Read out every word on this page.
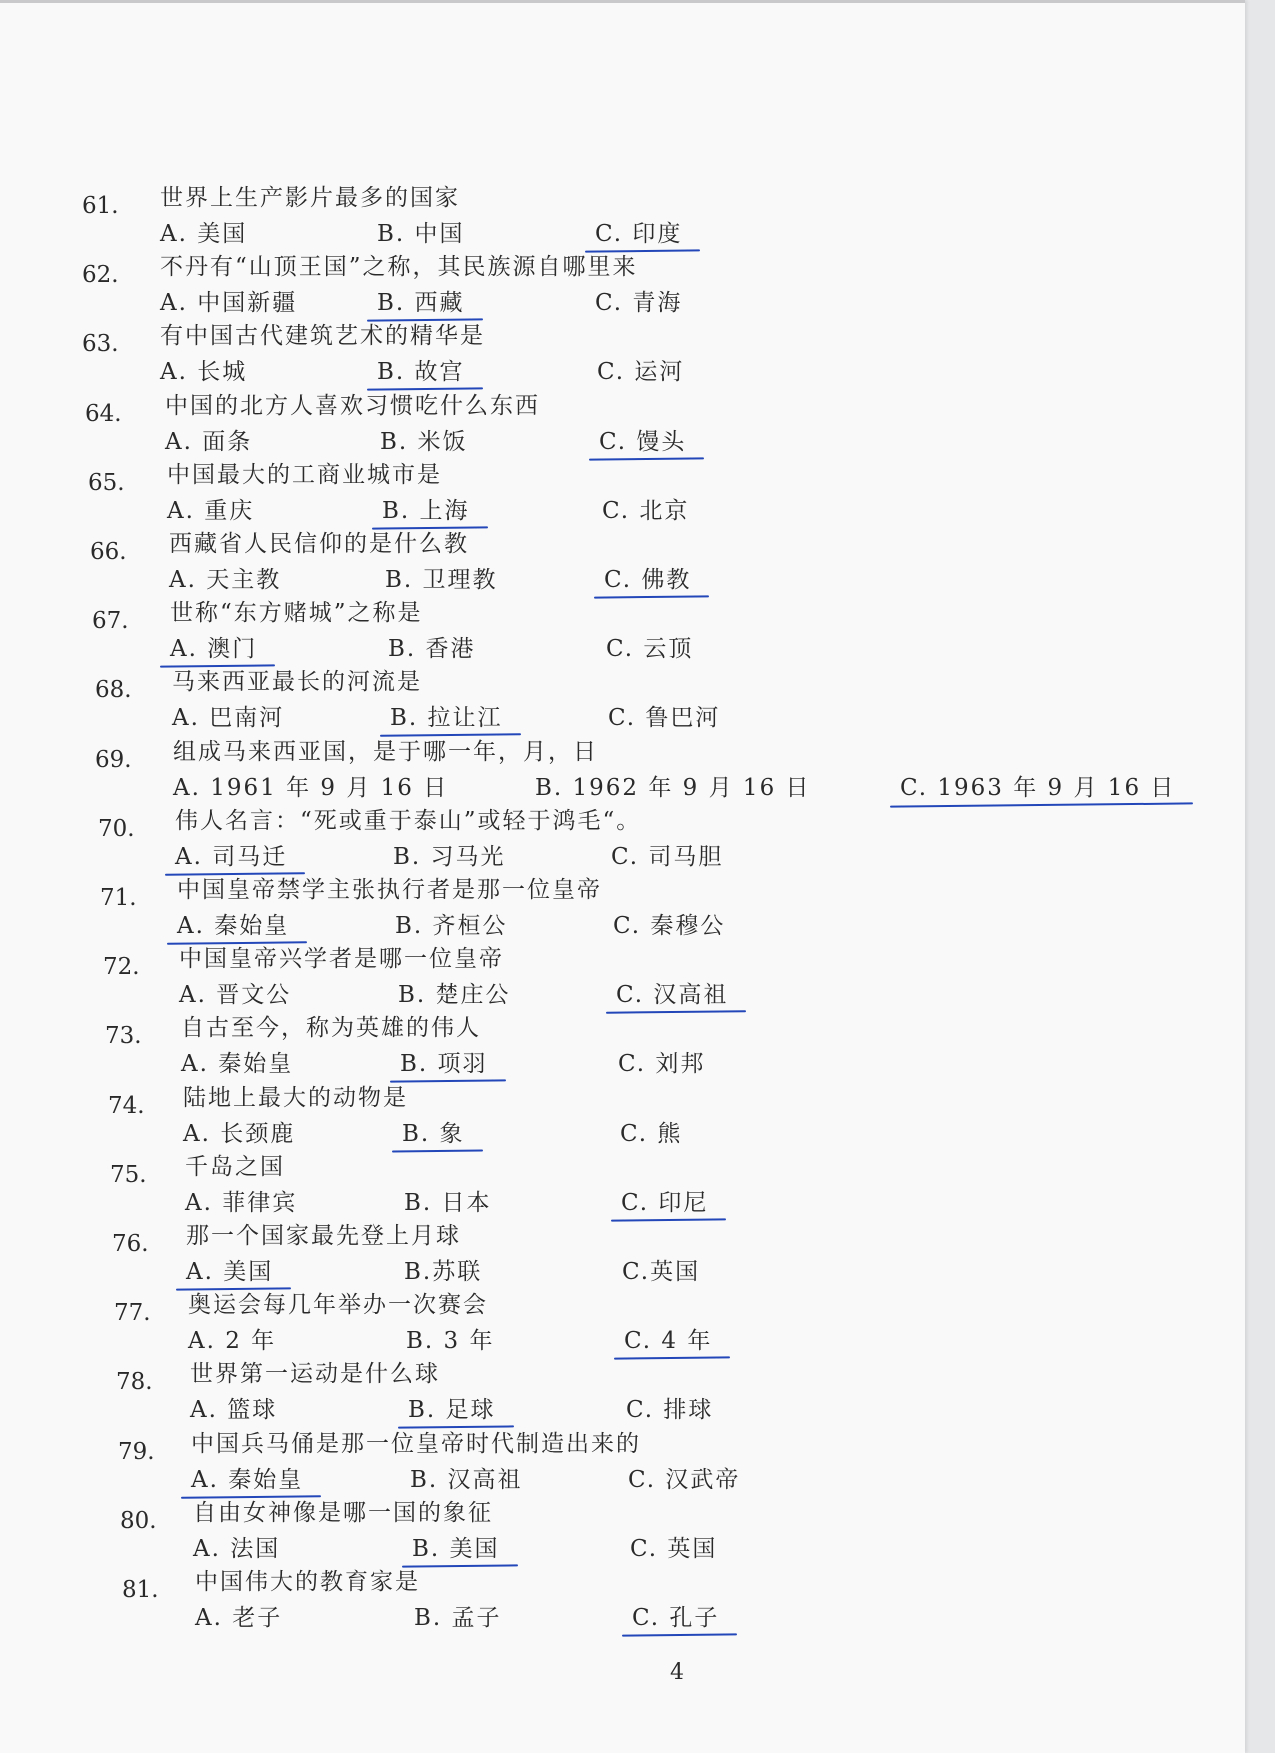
61. 世界上生产影片最多的国家
A. 美国	B. 中国	C. 印度
62. 不丹有“山顶王国”之称，其民族源自哪里来
A. 中国新疆	B. 西藏	C. 青海
63. 有中国古代建筑艺术的精华是
A. 长城	B. 故宫	C. 运河
64. 中国的北方人喜欢习惯吃什么东西
A. 面条	B. 米饭	C. 馒头
65. 中国最大的工商业城市是
A. 重庆	B. 上海	C. 北京
66. 西藏省人民信仰的是什么教
A. 天主教	B. 卫理教	C. 佛教
67. 世称“东方赌城”之称是
A. 澳门	B. 香港	C. 云顶
68. 马来西亚最长的河流是
A. 巴南河	B. 拉让江	C. 鲁巴河
69. 组成马来西亚国，是于哪一年，月，日
A. 1961 年 9 月 16 日	B. 1962 年 9 月 16 日	C. 1963 年 9 月 16 日
70. 伟人名言：“死或重于泰山”或轻于鸿毛“。
A. 司马迁	B. 习马光	C. 司马胆
71. 中国皇帝禁学主张执行者是那一位皇帝
A. 秦始皇	B. 齐桓公	C. 秦穆公
72. 中国皇帝兴学者是哪一位皇帝
A. 晋文公	B. 楚庄公	C. 汉高祖
73. 自古至今，称为英雄的伟人
A. 秦始皇	B. 项羽	C. 刘邦
74. 陆地上最大的动物是
A. 长颈鹿	B. 象	C. 熊
75. 千岛之国
A. 菲律宾	B. 日本	C. 印尼
76. 那一个国家最先登上月球
A. 美国	B.苏联	C.英国
77. 奥运会每几年举办一次赛会
A. 2 年	B. 3 年	C. 4 年
78. 世界第一运动是什么球
A. 篮球	B. 足球	C. 排球
79. 中国兵马俑是那一位皇帝时代制造出来的
A. 秦始皇	B. 汉高祖	C. 汉武帝
80. 自由女神像是哪一国的象征
A. 法国	B. 美国	C. 英国
81. 中国伟大的教育家是
A. 老子	B. 孟子	C. 孔子
4
